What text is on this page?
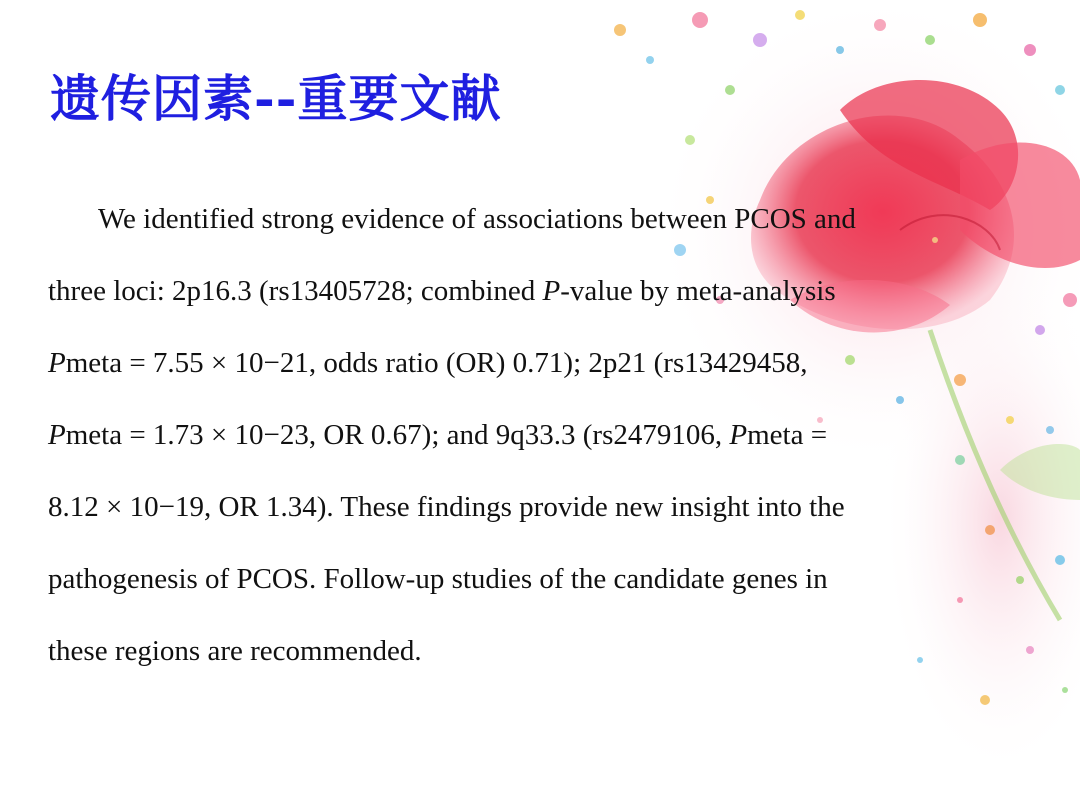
遗传因素--重要文献
We identified strong evidence of associations between PCOS and
three loci: 2p16.3 (rs13405728; combined P-value by meta-analysis
Pmeta = 7.55 × 10−21, odds ratio (OR) 0.71); 2p21 (rs13429458,
Pmeta = 1.73 × 10−23, OR 0.67); and 9q33.3 (rs2479106, Pmeta =
8.12 × 10−19, OR 1.34). These findings provide new insight into the
pathogenesis of PCOS. Follow-up studies of the candidate genes in
these regions are recommended.
